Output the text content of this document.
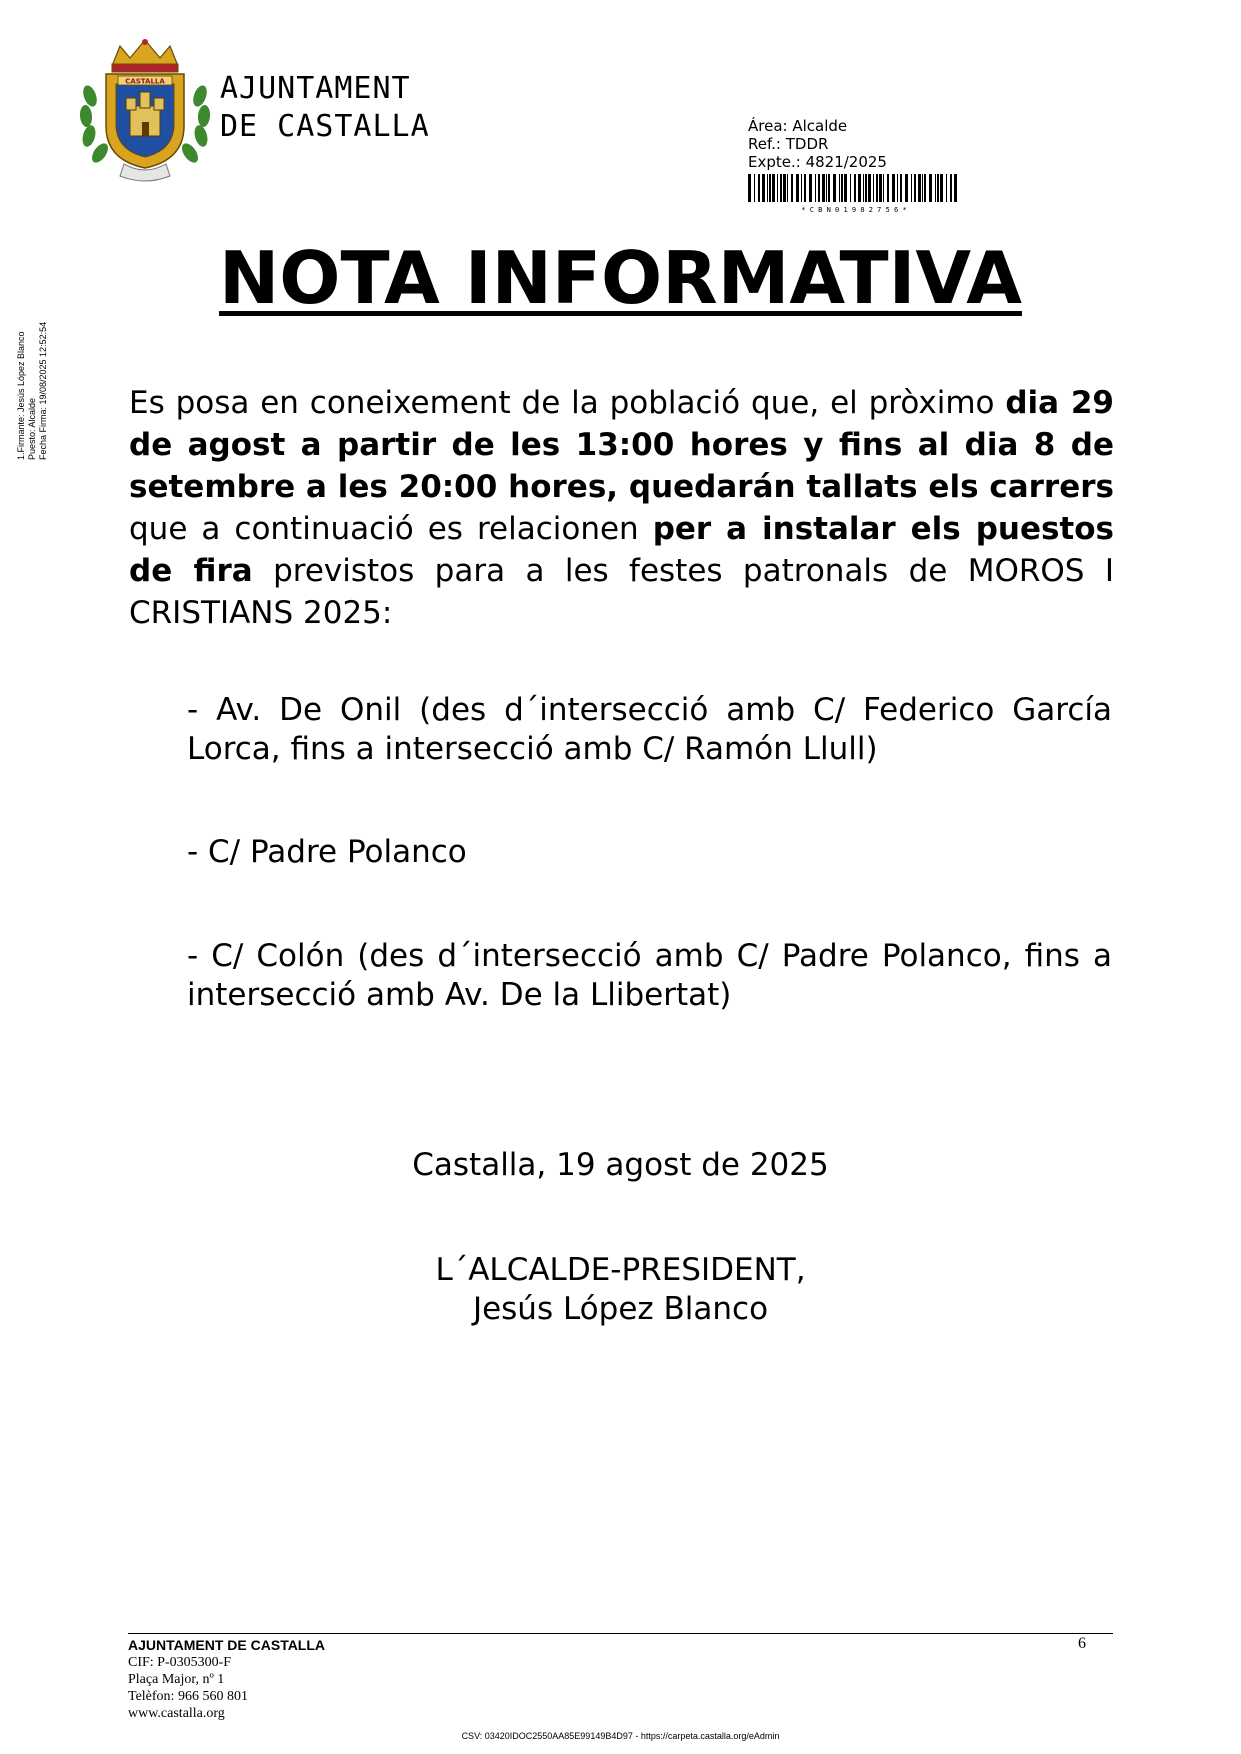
CASTALLA AJUNTAMENT
DE CASTALLA	Área: Alcalde
Ref.: TDDR
Expte.: 4821/2025
* C B N 0 1 9 8 2 7 5 6 *
1.Firmante: Jesús López Blanco Puesto: Alcalde Fecha Firma: 19/08/2025 12:52:54
NOTA INFORMATIVA
Es posa en coneixement de la població que, el pròximo dia 29 de agost a partir de les 13:00 hores y fins al dia 8 de setembre a les 20:00 hores, quedarán tallats els carrers que a continuació es relacionen per a instalar els puestos de fira previstos para a les festes patronals de MOROS I CRISTIANS 2025:
- Av. De Onil (des d´intersecció amb C/ Federico García Lorca, fins a intersecció amb C/ Ramón Llull)
- C/ Padre Polanco
- C/ Colón (des d´intersecció amb C/ Padre Polanco, fins a intersecció amb Av. De la Llibertat)
Castalla, 19 agost de 2025
L´ALCALDE-PRESIDENT,
Jesús López Blanco
AJUNTAMENT DE CASTALLA
CIF: P-0305300-F
Plaça Major, nº 1
Telèfon: 966 560 801
www.castalla.org
6
CSV: 03420IDOC2550AA85E99149B4D97 - https://carpeta.castalla.org/eAdmin
